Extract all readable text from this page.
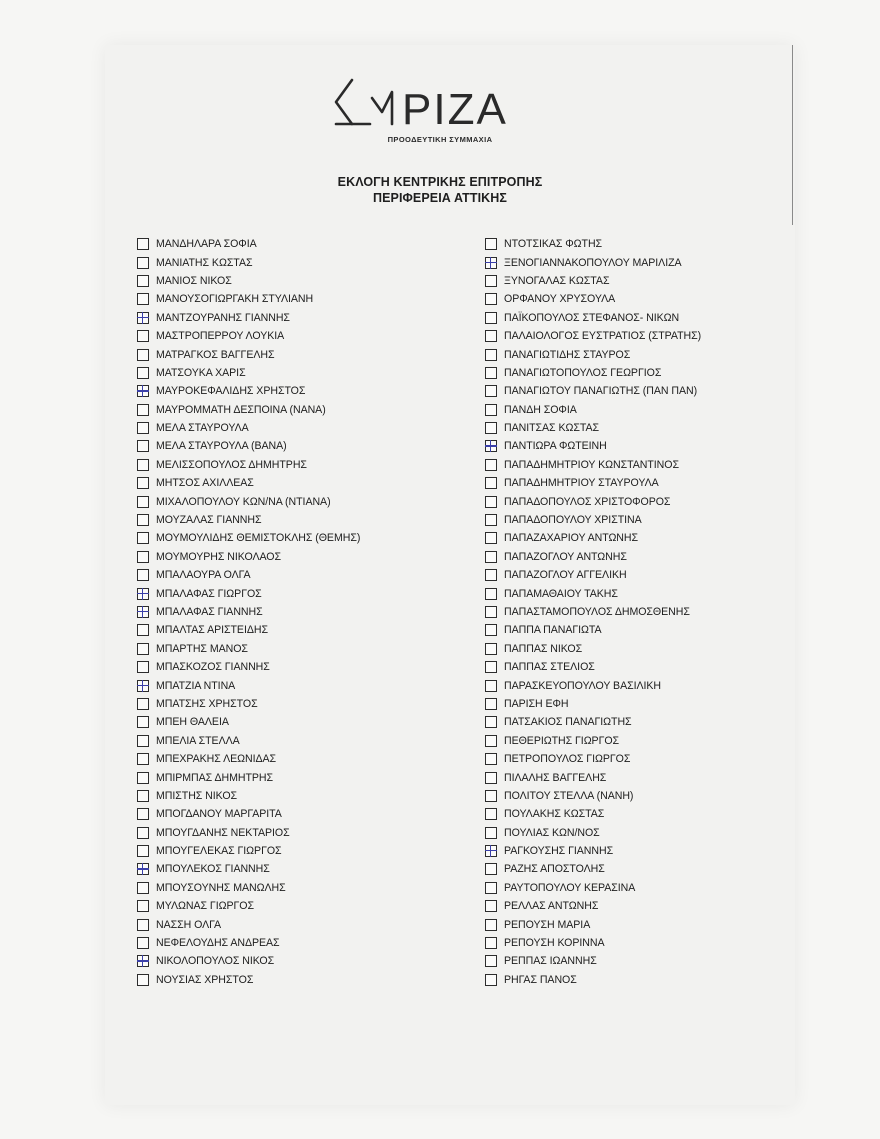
ΡΙΖΑ
ΠΡΟΟΔΕΥΤΙΚΗ ΣΥΜΜΑΧΙΑ
ΕΚΛΟΓΗ ΚΕΝΤΡΙΚΗΣ ΕΠΙΤΡΟΠΗΣ
ΠΕΡΙΦΕΡΕΙΑ ΑΤΤΙΚΗΣ
ΜΑΝΔΗΛΑΡΑ ΣΟΦΙΑ
ΜΑΝΙΑΤΗΣ ΚΩΣΤΑΣ
ΜΑΝΙΟΣ ΝΙΚΟΣ
ΜΑΝΟΥΣΟΓΙΩΡΓΑΚΗ ΣΤΥΛΙΑΝΗ
ΜΑΝΤΖΟΥΡΑΝΗΣ ΓΙΑΝΝΗΣ
ΜΑΣΤΡΟΠΕΡΡΟΥ ΛΟΥΚΙΑ
ΜΑΤΡΑΓΚΟΣ ΒΑΓΓΕΛΗΣ
ΜΑΤΣΟΥΚΑ ΧΑΡΙΣ
ΜΑΥΡΟΚΕΦΑΛΙΔΗΣ ΧΡΗΣΤΟΣ
ΜΑΥΡΟΜΜΑΤΗ ΔΕΣΠΟΙΝΑ (ΝΑΝΑ)
ΜΕΛΑ ΣΤΑΥΡΟΥΛΑ
ΜΕΛΑ ΣΤΑΥΡΟΥΛΑ (ΒΑΝΑ)
ΜΕΛΙΣΣΟΠΟΥΛΟΣ ΔΗΜΗΤΡΗΣ
ΜΗΤΣΟΣ ΑΧΙΛΛΕΑΣ
ΜΙΧΑΛΟΠΟΥΛΟΥ ΚΩΝ/ΝΑ (ΝΤΙΑΝΑ)
ΜΟΥΖΑΛΑΣ ΓΙΑΝΝΗΣ
ΜΟΥΜΟΥΛΙΔΗΣ ΘΕΜΙΣΤΟΚΛΗΣ (ΘΕΜΗΣ)
ΜΟΥΜΟΥΡΗΣ ΝΙΚΟΛΑΟΣ
ΜΠΑΛΑΟΥΡΑ ΟΛΓΑ
ΜΠΑΛΑΦΑΣ ΓΙΩΡΓΟΣ
ΜΠΑΛΑΦΑΣ ΓΙΑΝΝΗΣ
ΜΠΑΛΤΑΣ ΑΡΙΣΤΕΙΔΗΣ
ΜΠΑΡΤΗΣ ΜΑΝΟΣ
ΜΠΑΣΚΟΖΟΣ ΓΙΑΝΝΗΣ
ΜΠΑΤΖΙΑ ΝΤΙΝΑ
ΜΠΑΤΣΗΣ ΧΡΗΣΤΟΣ
ΜΠΕΗ ΘΑΛΕΙΑ
ΜΠΕΛΙΑ ΣΤΕΛΛΑ
ΜΠΕΧΡΑΚΗΣ ΛΕΩΝΙΔΑΣ
ΜΠΙΡΜΠΑΣ ΔΗΜΗΤΡΗΣ
ΜΠΙΣΤΗΣ ΝΙΚΟΣ
ΜΠΟΓΔΑΝΟΥ ΜΑΡΓΑΡΙΤΑ
ΜΠΟΥΓΔΑΝΗΣ ΝΕΚΤΑΡΙΟΣ
ΜΠΟΥΓΕΛΕΚΑΣ ΓΙΩΡΓΟΣ
ΜΠΟΥΛΕΚΟΣ ΓΙΑΝΝΗΣ
ΜΠΟΥΣΟΥΝΗΣ ΜΑΝΩΛΗΣ
ΜΥΛΩΝΑΣ ΓΙΩΡΓΟΣ
ΝΑΣΣΗ ΟΛΓΑ
ΝΕΦΕΛΟΥΔΗΣ ΑΝΔΡΕΑΣ
ΝΙΚΟΛΟΠΟΥΛΟΣ ΝΙΚΟΣ
ΝΟΥΣΙΑΣ ΧΡΗΣΤΟΣ
ΝΤΟΤΣΙΚΑΣ ΦΩΤΗΣ
ΞΕΝΟΓΙΑΝΝΑΚΟΠΟΥΛΟΥ ΜΑΡΙΛΙΖΑ
ΞΥΝΟΓΑΛΑΣ ΚΩΣΤΑΣ
ΟΡΦΑΝΟΥ ΧΡΥΣΟΥΛΑ
ΠΑΪΚΟΠΟΥΛΟΣ ΣΤΕΦΑΝΟΣ- ΝΙΚΩΝ
ΠΑΛΑΙΟΛΟΓΟΣ ΕΥΣΤΡΑΤΙΟΣ (ΣΤΡΑΤΗΣ)
ΠΑΝΑΓΙΩΤΙΔΗΣ ΣΤΑΥΡΟΣ
ΠΑΝΑΓΙΩΤΟΠΟΥΛΟΣ ΓΕΩΡΓΙΟΣ
ΠΑΝΑΓΙΩΤΟΥ ΠΑΝΑΓΙΩΤΗΣ (ΠΑΝ ΠΑΝ)
ΠΑΝΔΗ ΣΟΦΙΑ
ΠΑΝΙΤΣΑΣ ΚΩΣΤΑΣ
ΠΑΝΤΙΩΡΑ ΦΩΤΕΙΝΗ
ΠΑΠΑΔΗΜΗΤΡΙΟΥ ΚΩΝΣΤΑΝΤΙΝΟΣ
ΠΑΠΑΔΗΜΗΤΡΙΟΥ ΣΤΑΥΡΟΥΛΑ
ΠΑΠΑΔΟΠΟΥΛΟΣ ΧΡΙΣΤΟΦΟΡΟΣ
ΠΑΠΑΔΟΠΟΥΛΟΥ ΧΡΙΣΤΙΝΑ
ΠΑΠΑΖΑΧΑΡΙΟΥ ΑΝΤΩΝΗΣ
ΠΑΠΑΖΟΓΛΟΥ ΑΝΤΩΝΗΣ
ΠΑΠΑΖΟΓΛΟΥ ΑΓΓΕΛΙΚΗ
ΠΑΠΑΜΑΘΑΙΟΥ ΤΑΚΗΣ
ΠΑΠΑΣΤΑΜΟΠΟΥΛΟΣ ΔΗΜΟΣΘΕΝΗΣ
ΠΑΠΠΑ ΠΑΝΑΓΙΩΤΑ
ΠΑΠΠΑΣ ΝΙΚΟΣ
ΠΑΠΠΑΣ ΣΤΕΛΙΟΣ
ΠΑΡΑΣΚΕΥΟΠΟΥΛΟΥ ΒΑΣΙΛΙΚΗ
ΠΑΡΙΣΗ ΕΦΗ
ΠΑΤΣΑΚΙΟΣ ΠΑΝΑΓΙΩΤΗΣ
ΠΕΘΕΡΙΩΤΗΣ ΓΙΩΡΓΟΣ
ΠΕΤΡΟΠΟΥΛΟΣ ΓΙΩΡΓΟΣ
ΠΙΛΑΛΗΣ ΒΑΓΓΕΛΗΣ
ΠΟΛΙΤΟΥ ΣΤΕΛΛΑ (ΝΑΝΗ)
ΠΟΥΛΑΚΗΣ ΚΩΣΤΑΣ
ΠΟΥΛΙΑΣ ΚΩΝ/ΝΟΣ
ΡΑΓΚΟΥΣΗΣ ΓΙΑΝΝΗΣ
ΡΑΖΗΣ ΑΠΟΣΤΟΛΗΣ
ΡΑΥΤΟΠΟΥΛΟΥ ΚΕΡΑΣΙΝΑ
ΡΕΛΛΑΣ ΑΝΤΩΝΗΣ
ΡΕΠΟΥΣΗ ΜΑΡΙΑ
ΡΕΠΟΥΣΗ ΚΟΡΙΝΝΑ
ΡΕΠΠΑΣ ΙΩΑΝΝΗΣ
ΡΗΓΑΣ ΠΑΝΟΣ
